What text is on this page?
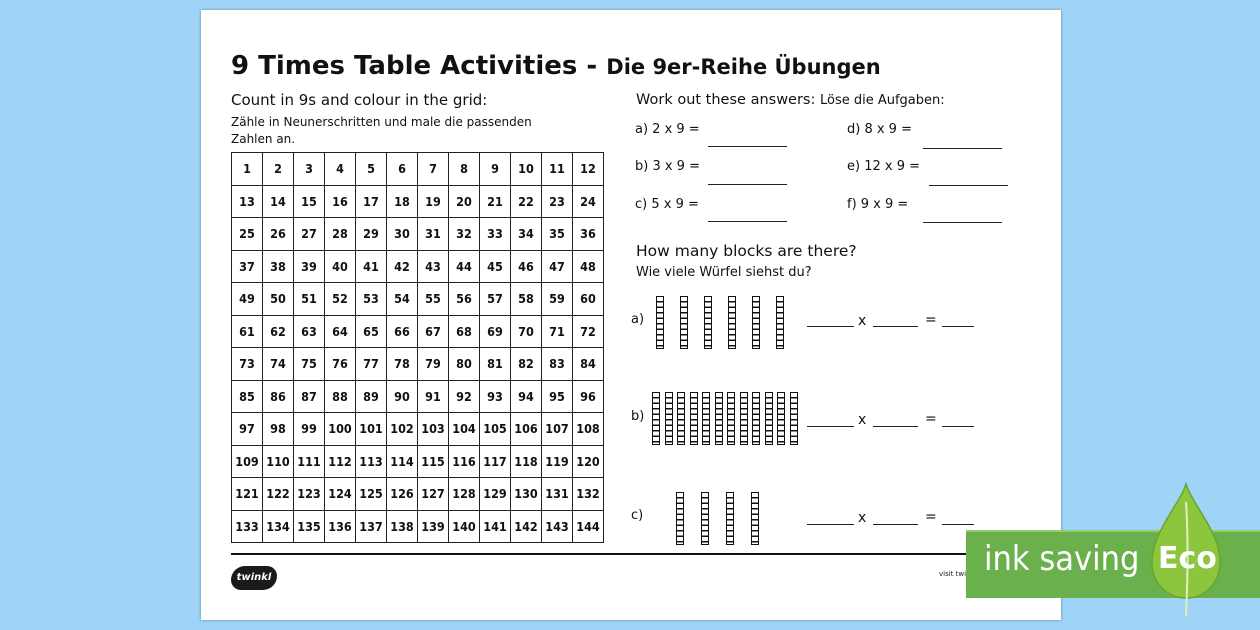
9 Times Table Activities - Die 9er-Reihe Übungen
Count in 9s and colour in the grid:
Zähle in Neunerschritten und male die passenden Zahlen an.
1	2	3	4	5	6	7	8	9	10	11	12
13	14	15	16	17	18	19	20	21	22	23	24
25	26	27	28	29	30	31	32	33	34	35	36
37	38	39	40	41	42	43	44	45	46	47	48
49	50	51	52	53	54	55	56	57	58	59	60
61	62	63	64	65	66	67	68	69	70	71	72
73	74	75	76	77	78	79	80	81	82	83	84
85	86	87	88	89	90	91	92	93	94	95	96
97	98	99	100	101	102	103	104	105	106	107	108
109	110	111	112	113	114	115	116	117	118	119	120
121	122	123	124	125	126	127	128	129	130	131	132
133	134	135	136	137	138	139	140	141	142	143	144
Work out these answers: Löse die Aufgaben:
a) 2 x 9 =
b) 3 x 9 =
c) 5 x 9 =
d) 8 x 9 =
e) 12 x 9 =
f) 9 x 9 =
How many blocks are there?
Wie viele Würfel siehst du?
a)	x	=
b)	x	=
c)	x	=
twinkl	visit twi ink saving Eco
